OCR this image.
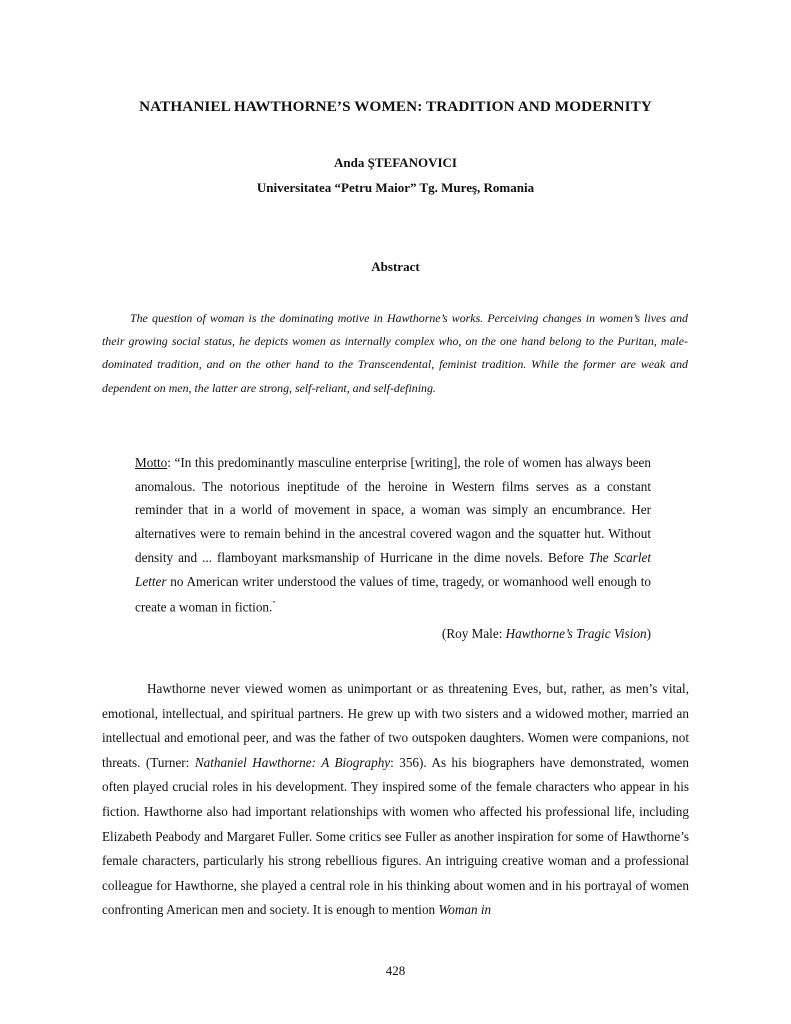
NATHANIEL HAWTHORNE’S WOMEN: TRADITION AND MODERNITY
Anda ŞTEFANOVICI
Universitatea “Petru Maior” Tg. Mureş, Romania
Abstract
The question of woman is the dominating motive in Hawthorne’s works. Perceiving changes in women’s lives and their growing social status, he depicts women as internally complex who, on the one hand belong to the Puritan, male-dominated tradition, and on the other hand to the Transcendental, feminist tradition. While the former are weak and dependent on men, the latter are strong, self-reliant, and self-defining.
Motto: “In this predominantly masculine enterprise [writing], the role of women has always been anomalous. The notorious ineptitude of the heroine in Western films serves as a constant reminder that in a world of movement in space, a woman was simply an encumbrance. Her alternatives were to remain behind in the ancestral covered wagon and the squatter hut. Without density and ... flamboyant marksmanship of Hurricane in the dime novels. Before The Scarlet Letter no American writer understood the values of time, tragedy, or womanhood well enough to create a woman in fiction.”
(Roy Male: Hawthorne’s Tragic Vision)
Hawthorne never viewed women as unimportant or as threatening Eves, but, rather, as men’s vital, emotional, intellectual, and spiritual partners. He grew up with two sisters and a widowed mother, married an intellectual and emotional peer, and was the father of two outspoken daughters. Women were companions, not threats. (Turner: Nathaniel Hawthorne: A Biography: 356). As his biographers have demonstrated, women often played crucial roles in his development. They inspired some of the female characters who appear in his fiction. Hawthorne also had important relationships with women who affected his professional life, including Elizabeth Peabody and Margaret Fuller. Some critics see Fuller as another inspiration for some of Hawthorne’s female characters, particularly his strong rebellious figures. An intriguing creative woman and a professional colleague for Hawthorne, she played a central role in his thinking about women and in his portrayal of women confronting American men and society. It is enough to mention Woman in
428
